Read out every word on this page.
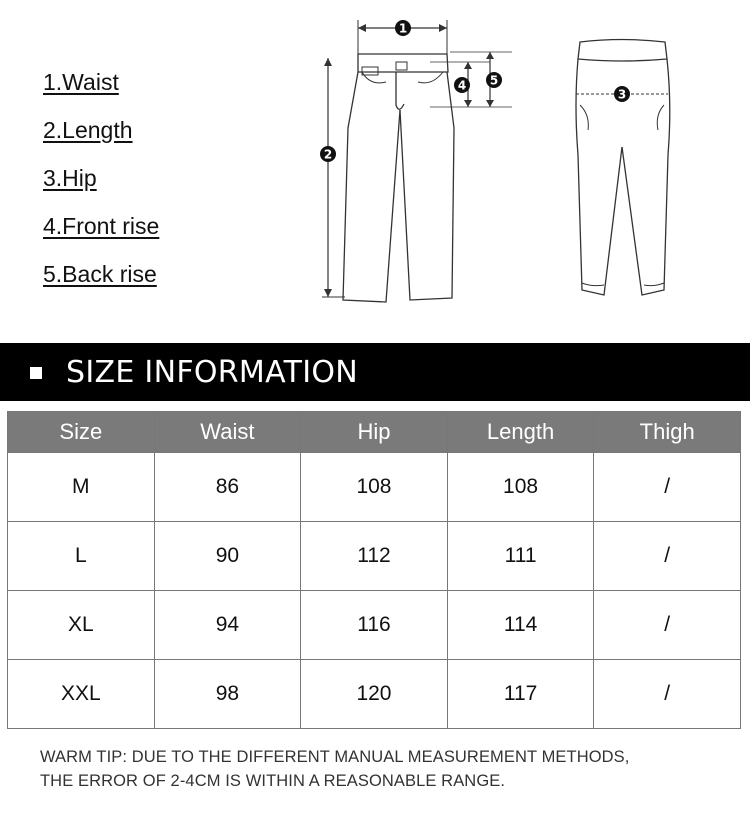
1.Waist
2.Length
3.Hip
4.Front rise
5.Back rise
1
2
4 5
3
SIZE INFORMATION
Size	Waist	Hip	Length	Thigh
M	86	108	108	/
L	90	112	111	/
XL	94	116	114	/
XXL	98	120	117	/
WARM TIP: DUE TO THE DIFFERENT MANUAL MEASUREMENT METHODS,
THE ERROR OF 2-4CM IS WITHIN A REASONABLE RANGE.
